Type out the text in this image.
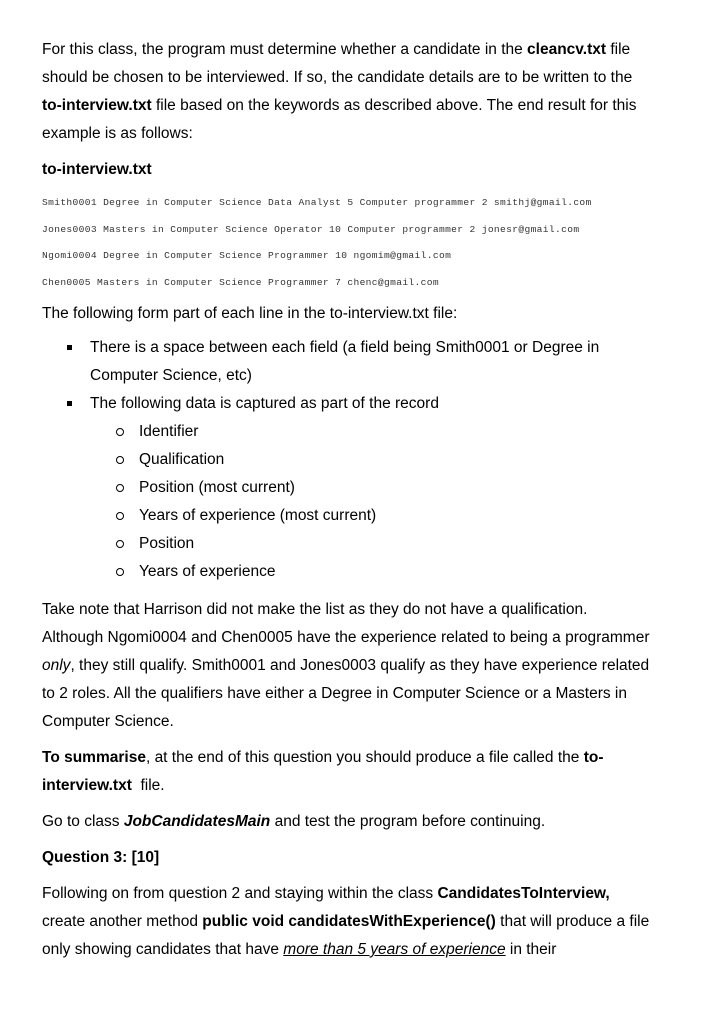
For this class, the program must determine whether a candidate in the cleancv.txt file should be chosen to be interviewed. If so, the candidate details are to be written to the to-interview.txt file based on the keywords as described above. The end result for this example is as follows:

to-interview.txt

Smith0001 Degree in Computer Science Data Analyst 5 Computer programmer 2 smithj@gmail.com
Jones0003 Masters in Computer Science Operator 10 Computer programmer 2 jonesr@gmail.com
Ngomi0004 Degree in Computer Science Programmer 10 ngomim@gmail.com
Chen0005 Masters in Computer Science Programmer 7 chenc@gmail.com

The following form part of each line in the to-interview.txt file:

There is a space between each field (a field being Smith0001 or Degree in Computer Science, etc)
The following data is captured as part of the record
Identifier
Qualification
Position (most current)
Years of experience (most current)
Position
Years of experience

Take note that Harrison did not make the list as they do not have a qualification. Although Ngomi0004 and Chen0005 have the experience related to being a programmer only, they still qualify. Smith0001 and Jones0003 qualify as they have experience related to 2 roles. All the qualifiers have either a Degree in Computer Science or a Masters in Computer Science.

To summarise, at the end of this question you should produce a file called the to-interview.txt  file.

Go to class JobCandidatesMain and test the program before continuing.

Question 3: [10]

Following on from question 2 and staying within the class CandidatesToInterview, create another method public void candidatesWithExperience() that will produce a file only showing candidates that have more than 5 years of experience in their
